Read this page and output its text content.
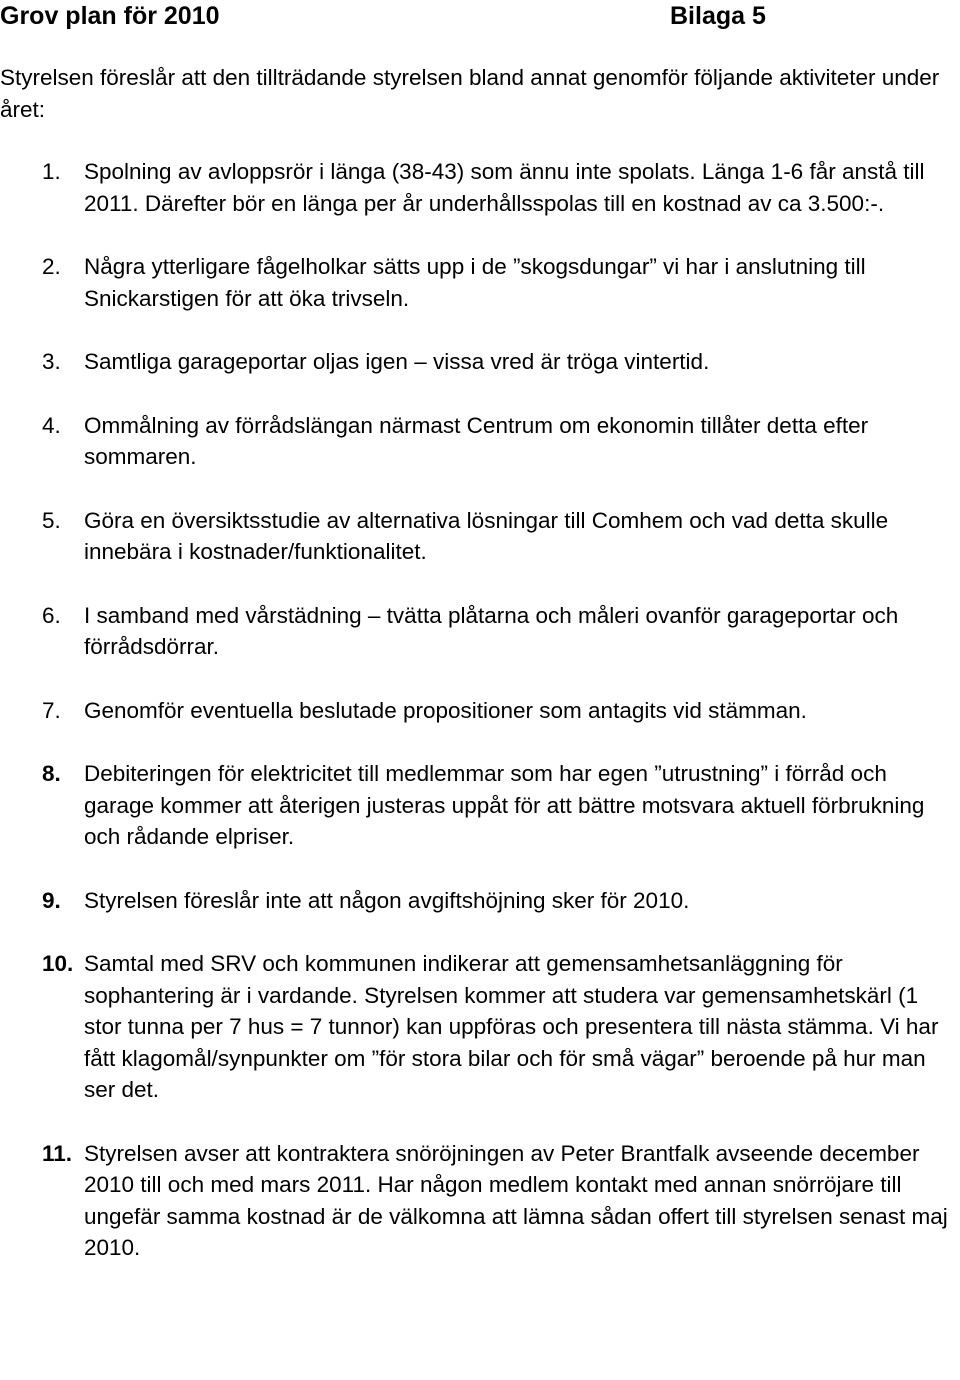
Grov plan för 2010	Bilaga 5
Styrelsen föreslår att den tillträdande styrelsen bland annat genomför följande aktiviteter under året:
1. Spolning av avloppsrör i länga (38-43) som ännu inte spolats. Länga 1-6 får anstå till 2011. Därefter bör en länga per år underhållsspolas till en kostnad av ca 3.500:-.
2. Några ytterligare fågelholkar sätts upp i de ”skogsdungar” vi har i anslutning till Snickarstigen för att öka trivseln.
3. Samtliga garageportar oljas igen – vissa vred är tröga vintertid.
4. Ommålning av förrådslängan närmast Centrum om ekonomin tillåter detta efter sommaren.
5. Göra en översiktsstudie av alternativa lösningar till Comhem och vad detta skulle innebära i kostnader/funktionalitet.
6. I samband med vårstädning – tvätta plåtarna och måleri ovanför garageportar och förrådsdörrar.
7. Genomför eventuella beslutade propositioner som antagits vid stämman.
8. Debiteringen för elektricitet till medlemmar som har egen ”utrustning” i förråd och garage kommer att återigen justeras uppåt för att bättre motsvara aktuell förbrukning och rådande elpriser.
9. Styrelsen föreslår inte att någon avgiftshöjning sker för 2010.
10. Samtal med SRV och kommunen indikerar att gemensamhetsanläggning för sophantering är i vardande. Styrelsen kommer att studera var gemensamhetskärl (1 stor tunna per 7 hus = 7 tunnor) kan uppföras och presentera till nästa stämma. Vi har fått klagomål/synpunkter om ”för stora bilar och för små vägar” beroende på hur man ser det.
11. Styrelsen avser att kontraktera snöröjningen av Peter Brantfalk avseende december 2010 till och med mars 2011. Har någon medlem kontakt med annan snörröjare till ungefär samma kostnad är de välkomna att lämna sådan offert till styrelsen senast maj 2010.
